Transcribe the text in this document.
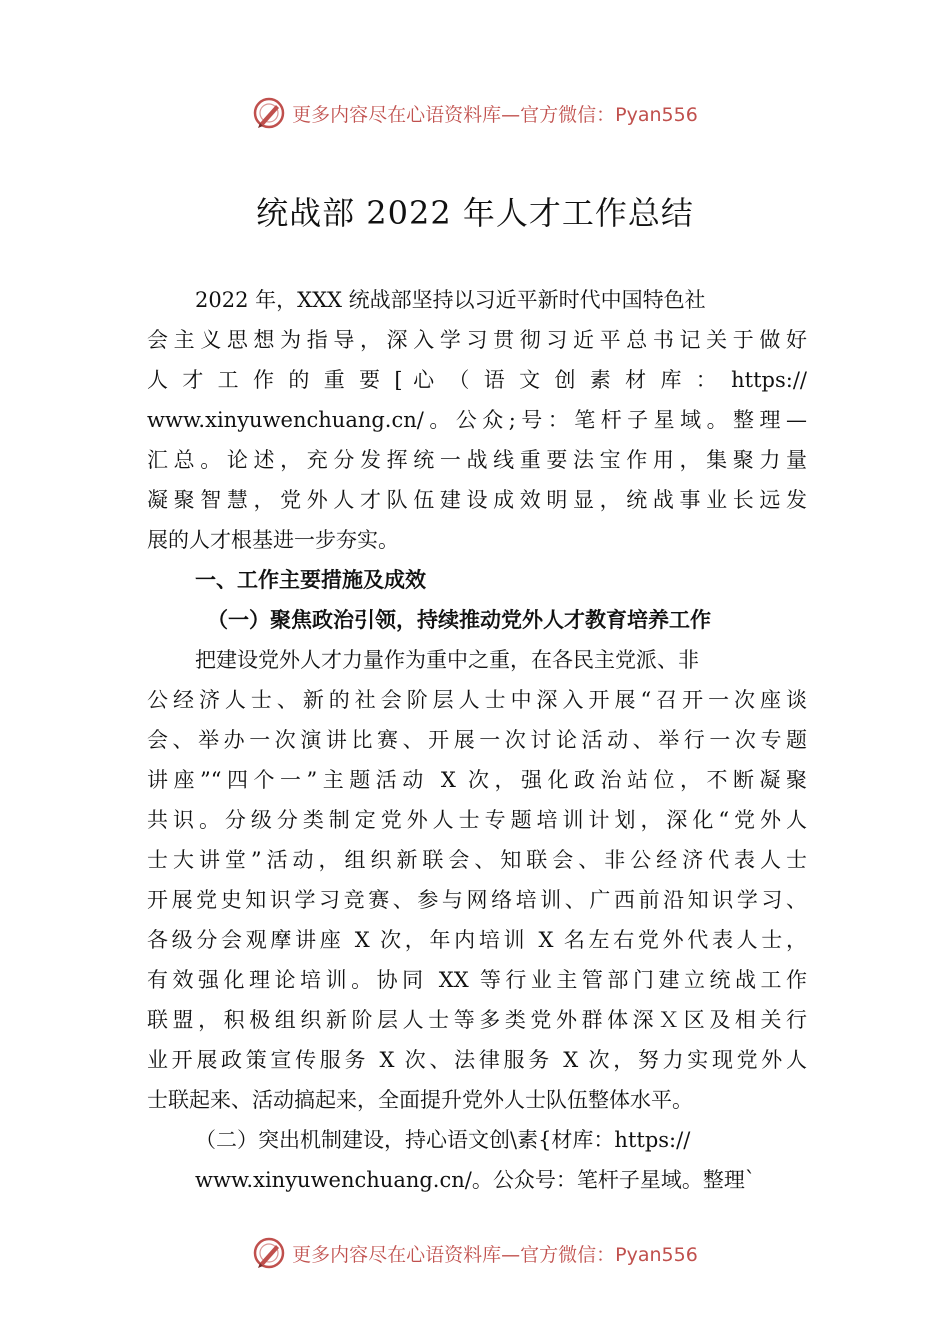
更多内容尽在心语资料库—官方微信：Pyan556
统战部 2022 年人才工作总结
2022 年，XXX 统战部坚持以习近平新时代中国特色社
会主义思想为指导，深入学习贯彻习近平总书记关于做好
人 才 工 作 的 重 要 [ 心 （ 语 文 创 素 材 库 ： https://
www.xinyuwenchuang.cn/。公众;号：笔杆子星域。整理—
汇总。论述，充分发挥统一战线重要法宝作用，集聚力量
凝聚智慧，党外人才队伍建设成效明显，统战事业长远发
展的人才根基进一步夯实。
一、工作主要措施及成效
（一）聚焦政治引领，持续推动党外人才教育培养工作
把建设党外人才力量作为重中之重，在各民主党派、非
公经济人士、新的社会阶层人士中深入开展“召开一次座谈
会、举办一次演讲比赛、开展一次讨论活动、举行一次专题
讲座”“四个一”主题活动 X 次，强化政治站位，不断凝聚
共识。分级分类制定党外人士专题培训计划，深化“党外人
士大讲堂”活动，组织新联会、知联会、非公经济代表人士
开展党史知识学习竞赛、参与网络培训、广西前沿知识学习、
各级分会观摩讲座 X 次，年内培训 X 名左右党外代表人士，
有效强化理论培训。协同 XX 等行业主管部门建立统战工作
联盟，积极组织新阶层人士等多类党外群体深Ｘ区及相关行
业开展政策宣传服务 X 次、法律服务 X 次，努力实现党外人
士联起来、活动搞起来，全面提升党外人士队伍整体水平。
（二）突出机制建设，持心语文创\素{材库：https://
www.xinyuwenchuang.cn/。公众号：笔杆子星域。整理`
更多内容尽在心语资料库—官方微信：Pyan556
